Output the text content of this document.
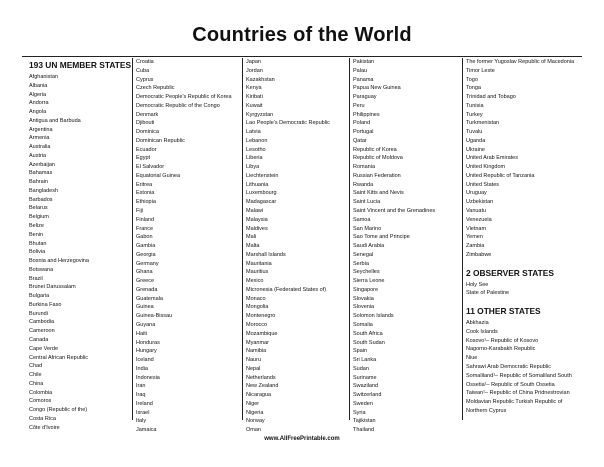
Countries of the World
193 UN MEMBER STATES
Afghanistan
Albania
Algeria
Andorra
Angola
Antigua and Barbuda
Argentina
Armenia
Australia
Austria
Azerbaijan
Bahamas
Bahrain
Bangladesh
Barbados
Belarus
Belgium
Belize
Benin
Bhutan
Bolivia
Bosnia and Herzegovina
Botswana
Brazil
Brunei Darussalam
Bulgaria
Burkina Faso
Burundi
Cambodia
Cameroon
Canada
Cape Verde
Central African Republic
Chad
Chile
China
Colombia
Comoros
Congo (Republic of the)
Costa Rica
Côte d'Ivoire
Croatia
Cuba
Cyprus
Czech Republic
Democratic People's Republic of Korea
Democratic Republic of the Congo
Denmark
Djibouti
Dominica
Dominican Republic
Ecuador
Egypt
El Salvador
Equatorial Guinea
Eritrea
Estonia
Ethiopia
Fiji
Finland
France
Gabon
Gambia
Georgia
Germany
Ghana
Greece
Grenada
Guatemala
Guinea
Guinea-Bissau
Guyana
Haiti
Honduras
Hungary
Iceland
India
Indonesia
Iran
Iraq
Ireland
Israel
Italy
Jamaica
Japan
Jordan
Kazakhstan
Kenya
Kiribati
Kuwait
Kyrgyzstan
Lao People's Democratic Republic
Latvia
Lebanon
Lesotho
Liberia
Libya
Liechtenstein
Lithuania
Luxembourg
Madagascar
Malawi
Malaysia
Maldives
Mali
Malta
Marshall Islands
Mauritania
Mauritius
Mexico
Micronesia (Federated States of)
Monaco
Mongolia
Montenegro
Morocco
Mozambique
Myanmar
Namibia
Nauru
Nepal
Netherlands
New Zealand
Nicaragua
Niger
Nigeria
Norway
Oman
Pakistan
Palau
Panama
Papua New Guinea
Paraguay
Peru
Philippines
Poland
Portugal
Qatar
Republic of Korea
Republic of Moldova
Romania
Russian Federation
Rwanda
Saint Kitts and Nevis
Saint Lucia
Saint Vincent and the Grenadines
Samoa
San Marino
Sao Tome and Principe
Saudi Arabia
Senegal
Serbia
Seychelles
Sierra Leone
Singapore
Slovakia
Slovenia
Solomon Islands
Somalia
South Africa
South Sudan
Spain
Sri Lanka
Sudan
Suriname
Swaziland
Switzerland
Sweden
Syria
Tajikistan
Thailand
The former Yugoslav Republic of Macedonia
Timor Leste
Togo
Tonga
Trinidad and Tobago
Tunisia
Turkey
Turkmenistan
Tuvalu
Uganda
Ukraine
United Arab Emirates
United Kingdom
United Republic of Tanzania
United States
Uruguay
Uzbekistan
Vanuatu
Venezuela
Vietnam
Yemen
Zambia
Zimbabwe
2 OBSERVER STATES
Holy See
State of Palestine
11 OTHER STATES
Abkhazia
Cook Islands
Kosovo¹– Republic of Kosovo
Nagorno-Karabakh Republic
Niue
Sahrawi Arab Democratic Republic
Somaliland¹– Republic of Somaliland South
Ossetia¹– Republic of South Ossetia
Taiwan¹– Republic of China Pridnestrovian
Moldavian Republic Turkish Republic of
Northern Cyprus
www.AllFreePrintable.com
